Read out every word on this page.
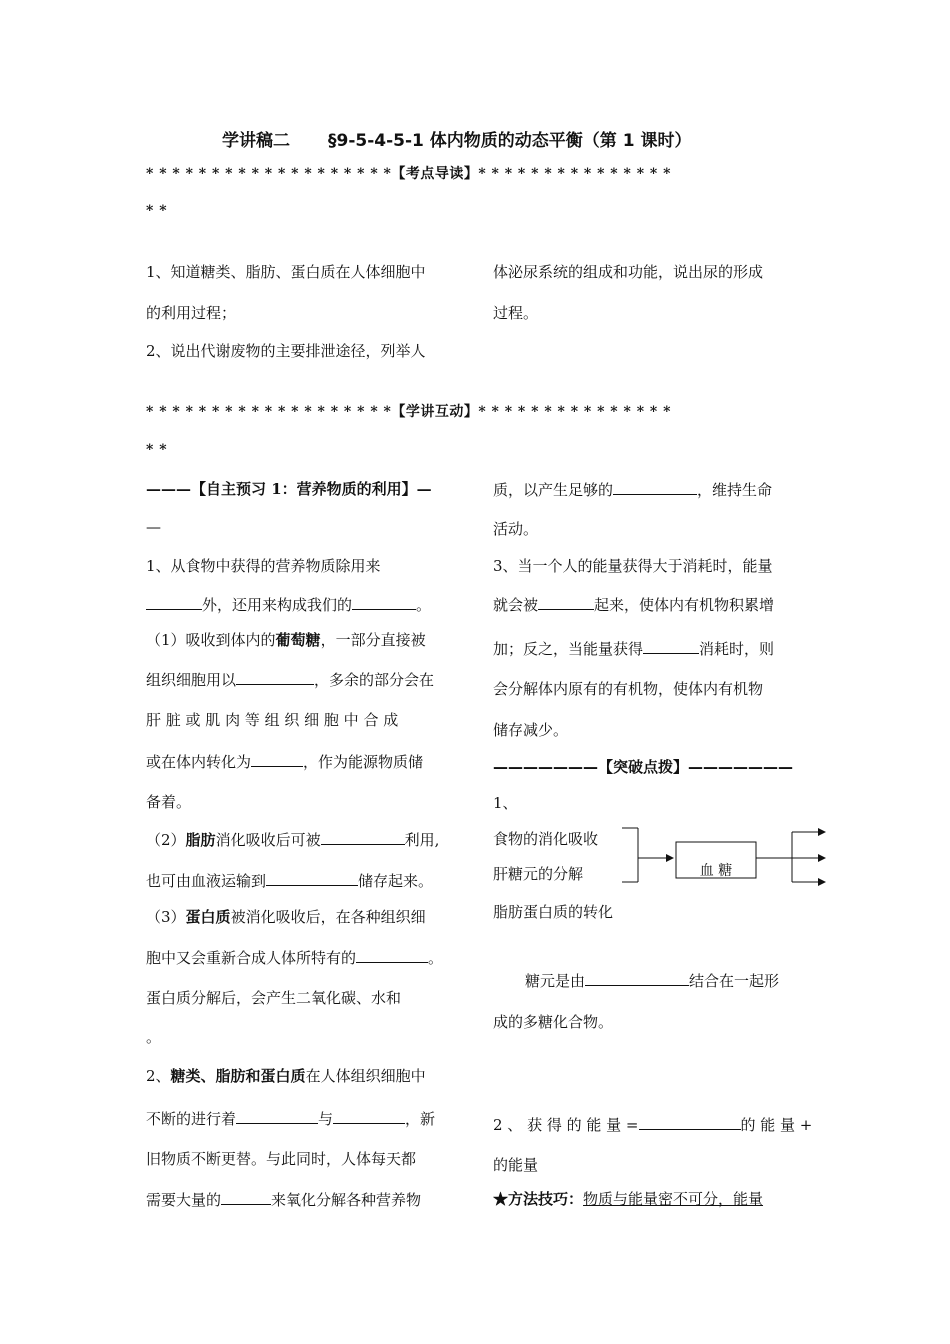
学讲稿二 §9-5-4-5-1 体内物质的动态平衡（第 1 课时）
* * * * * * * * * * * * * * * * * * *【考点导读】* * * * * * * * * * * * * * *
* *
1、知道糖类、脂肪、蛋白质在人体细胞中
的利用过程；
2、说出代谢废物的主要排泄途径，列举人
体泌尿系统的组成和功能，说出尿的形成
过程。
* * * * * * * * * * * * * * * * * * *【学讲互动】* * * * * * * * * * * * * * *
* *
———【自主预习 1：营养物质的利用】—
—
1、从食物中获得的营养物质除用来
外，还用来构成我们的	。
（1）吸收到体内的葡萄糖，一部分直接被
组织细胞用以	，多余的部分会在
肝 脏 或 肌 肉 等 组 织 细 胞 中 合 成
或在体内转化为	，作为能源物质储
备着。
（2）脂肪消化吸收后可被	利用,
也可由血液运输到	储存起来。
（3）蛋白质被消化吸收后，在各种组织细
胞中又会重新合成人体所特有的	。
蛋白质分解后，会产生二氧化碳、水和
。
2、糖类、脂肪和蛋白质在人体组织细胞中
不断的进行着	与	，新
旧物质不断更替。与此同时，人体每天都
需要大量的	来氧化分解各种营养物
质，以产生足够的	，维持生命
活动。
3、当一个人的能量获得大于消耗时，能量
就会被	起来，使体内有机物积累增
加；反之，当能量获得	消耗时，则
会分解体内原有的有机物，使体内有机物
储存减少。
———————【突破点拨】———————
1、
食物的消化吸收
肝糖元的分解
脂肪蛋白质的转化
血 糖
糖元是由	结合在一起形
成的多糖化合物。
2 、 获 得 的 能 量 =	的 能 量 +
的能量
★方法技巧：物质与能量密不可分，能量
